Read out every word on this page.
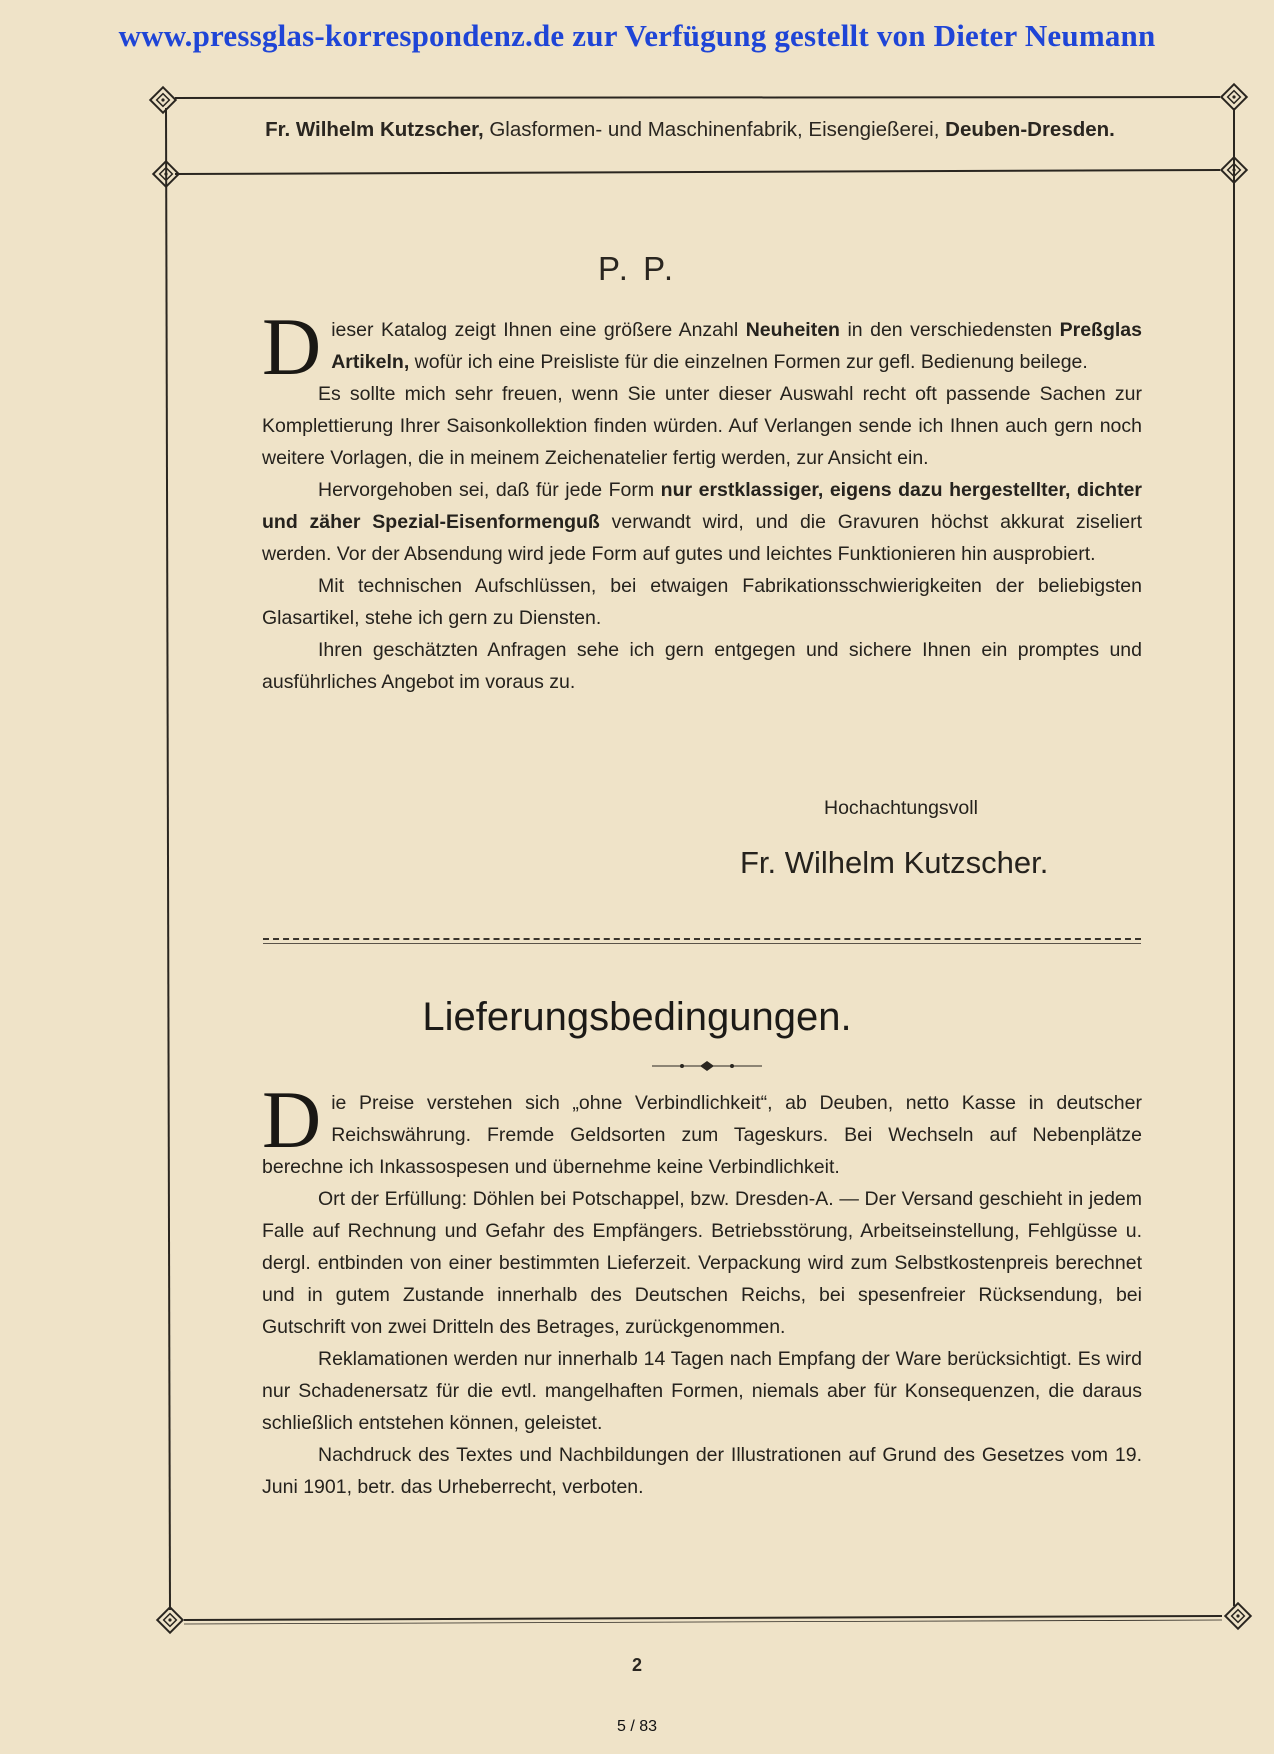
www.pressglas-korrespondenz.de zur Verfügung gestellt von Dieter Neumann
Fr. Wilhelm Kutzscher, Glasformen- und Maschinenfabrik, Eisengießerei, Deuben-Dresden.
P. P.

Dieser Katalog zeigt Ihnen eine größere Anzahl Neuheiten in den verschiedensten Preßglas Artikeln, wofür ich eine Preisliste für die einzelnen Formen zur gefl. Bedienung beilege.

Es sollte mich sehr freuen, wenn Sie unter dieser Auswahl recht oft passende Sachen zur Komplettierung Ihrer Saisonkollektion finden würden. Auf Verlangen sende ich Ihnen auch gern noch weitere Vorlagen, die in meinem Zeichenatelier fertig werden, zur Ansicht ein.

Hervorgehoben sei, daß für jede Form nur erstklassiger, eigens dazu hergestellter, dichter und zäher Spezial-Eisenformenguß verwandt wird, und die Gravuren höchst akkurat ziseliert werden. Vor der Absendung wird jede Form auf gutes und leichtes Funktionieren hin ausprobiert.

Mit technischen Aufschlüssen, bei etwaigen Fabrikationsschwierigkeiten der beliebigsten Glasartikel, stehe ich gern zu Diensten.

Ihren geschätzten Anfragen sehe ich gern entgegen und sichere Ihnen ein promptes und ausführliches Angebot im voraus zu.

Hochachtungsvoll
Fr. Wilhelm Kutzscher.
Lieferungsbedingungen.

Die Preise verstehen sich „ohne Verbindlichkeit“, ab Deuben, netto Kasse in deutscher Reichswährung. Fremde Geldsorten zum Tageskurs. Bei Wechseln auf Nebenplätze berechne ich Inkassospesen und übernehme keine Verbindlichkeit.

Ort der Erfüllung: Döhlen bei Potschappel, bzw. Dresden-A. — Der Versand geschieht in jedem Falle auf Rechnung und Gefahr des Empfängers. Betriebsstörung, Arbeitseinstellung, Fehlgüsse u. dergl. entbinden von einer bestimmten Lieferzeit. Verpackung wird zum Selbstkostenpreis berechnet und in gutem Zustande innerhalb des Deutschen Reichs, bei spesenfreier Rücksendung, bei Gutschrift von zwei Dritteln des Betrages, zurückgenommen.

Reklamationen werden nur innerhalb 14 Tagen nach Empfang der Ware berücksichtigt. Es wird nur Schadenersatz für die evtl. mangelhaften Formen, niemals aber für Konsequenzen, die daraus schließlich entstehen können, geleistet.

Nachdruck des Textes und Nachbildungen der Illustrationen auf Grund des Gesetzes vom 19. Juni 1901, betr. das Urheberrecht, verboten.

2
5 / 83
